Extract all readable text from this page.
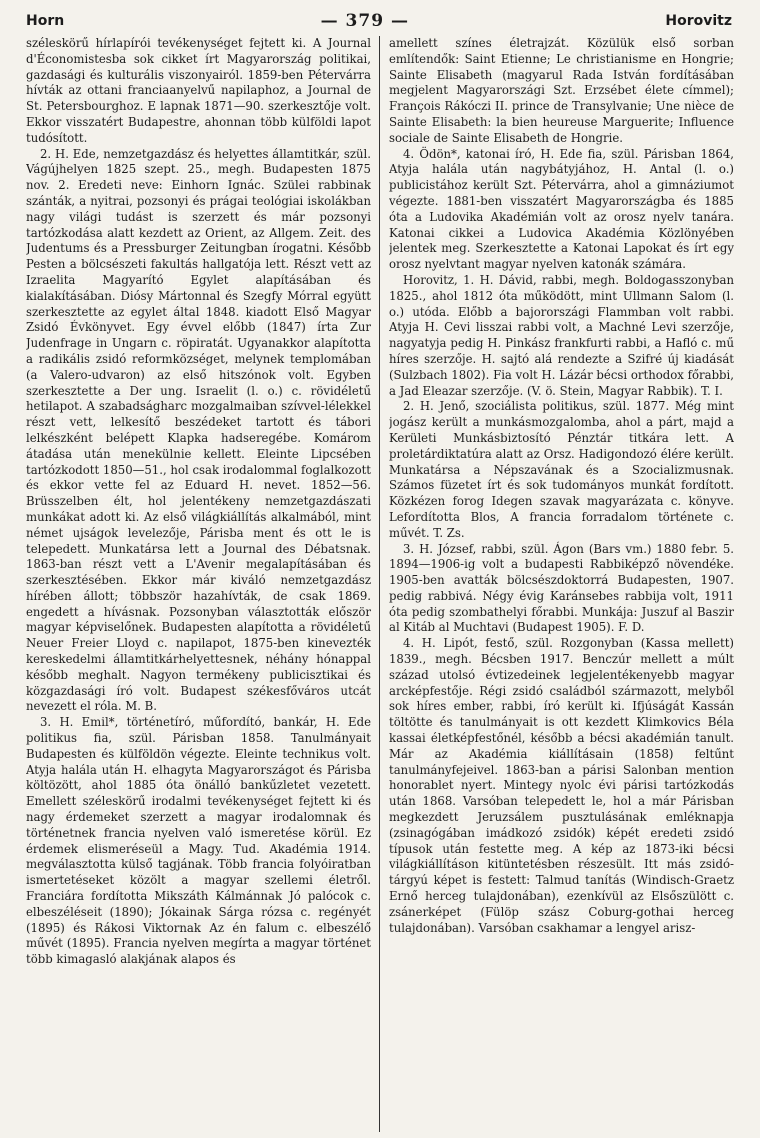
Horn	— 379 —	Horovitz

széleskörű hírlapírói tevékenységet fejtett ki. A Journal d'Économistesba sok cikket írt Magyarország politikai, gazdasági és kulturális viszonyairól. 1859-ben Pétervárra hívták az ottani franciaanyelvű napilaphoz, a Journal de St. Petersbourghoz. E lapnak 1871—90. szerkesztője volt. Ekkor visszatért Budapestre, ahonnan több külföldi lapot tudósított.

2. H. Ede, nemzetgazdász és helyettes államtitkár, szül. Vágújhelyen 1825 szept. 25., megh. Budapesten 1875 nov. 2. Eredeti neve: Einhorn Ignác. Szülei rabbinak szánták, a nyitrai, pozsonyi és prágai teológiai iskolákban nagy világi tudást is szerzett és már pozsonyi tartózkodása alatt kezdett az Orient, az Allgem. Zeit. des Judentums és a Pressburger Zeitungban írogatni. Később Pesten a bölcsészeti fakultás hallgatója lett. Részt vett az Izraelita Magyarító Egylet alapításában és kialakításában. Diósy Mártonnal és Szegfy Mórral együtt szerkesztette az egylet által 1848. kiadott Első Magyar Zsidó Évkönyvet. Egy évvel előbb (1847) írta Zur Judenfrage in Ungarn c. röpiratát. Ugyanakkor alapította a radikális zsidó reformközséget, melynek templomában (a Valero-udvaron) az első hitszónok volt. Egyben szerkesztette a Der ung. Israelit (l. o.) c. rövidéletű hetilapot. A szabadságharc mozgalmaiban szívvel-lélekkel részt vett, lelkesítő beszédeket tartott és tábori lelkészként belépett Klapka hadseregébe. Komárom átadása után menekülnie kellett. Eleinte Lipcsében tartózkodott 1850—51., hol csak irodalommal foglalkozott és ekkor vette fel az Eduard H. nevet. 1852—56. Brüsszelben élt, hol jelentékeny nemzetgazdászati munkákat adott ki. Az első világkiállítás alkalmából, mint német ujságok levelezője, Párisba ment és ott le is telepedett. Munkatársa lett a Journal des Débatsnak. 1863-ban részt vett a L'Avenir megalapításában és szerkesztésében. Ekkor már kiváló nemzetgazdász hírében állott; többször hazahívták, de csak 1869. engedett a hívásnak. Pozsonyban választották először magyar képviselőnek. Budapesten alapította a rövidéletű Neuer Freier Lloyd c. napilapot, 1875-ben kinevezték kereskedelmi államtitkárhelyettesnek, néhány hónappal később meghalt. Nagyon termékeny publicisztikai és közgazdasági író volt. Budapest székesfőváros utcát nevezett el róla. M. B.

3. H. Emil*, történetíró, műfordító, bankár, H. Ede politikus fia, szül. Párisban 1858. Tanulmányait Budapesten és külföldön végezte. Eleinte technikus volt. Atyja halála után H. elhagyta Magyarországot és Párisba költözött, ahol 1885 óta önálló bankűzletet vezetett. Emellett széleskörű irodalmi tevékenységet fejtett ki és nagy érdemeket szerzett a magyar irodalomnak és történetnek francia nyelven való ismeretése körül. Ez érdemek elismeréseül a Magy. Tud. Akadémia 1914. megválasztotta külső tagjának. Több francia folyóiratban ismertetéseket közölt a magyar szellemi életről. Franciára fordította Mikszáth Kálmánnak Jó palócok c. elbeszéléseit (1890); Jókainak Sárga rózsa c. regényét (1895) és Rákosi Viktornak Az én falum c. elbeszélő művét (1895). Francia nyelven megírta a magyar történet több kimagasló alakjának alapos és

amellett színes életrajzát. Közülük első sorban említendők: Saint Etienne; Le christianisme en Hongrie; Sainte Elisabeth (magyarul Rada István fordításában megjelent Magyarországi Szt. Erzsébet élete címmel); François Rákóczi II. prince de Transylvanie; Une nièce de Sainte Elisabeth: la bien heureuse Marguerite; Influence sociale de Sainte Elisabeth de Hongrie.

4. Ödön*, katonai író, H. Ede fia, szül. Párisban 1864, Atyja halála után nagybátyjához, H. Antal (l. o.) publicistához került Szt. Pétervárra, ahol a gimnáziumot végezte. 1881-ben visszatért Magyarországba és 1885 óta a Ludovika Akadémián volt az orosz nyelv tanára. Katonai cikkei a Ludovica Akadémia Közlönyében jelentek meg. Szerkesztette a Katonai Lapokat és írt egy orosz nyelvtant magyar nyelven katonák számára.

Horovitz, 1. H. Dávid, rabbi, megh. Boldogasszonyban 1825., ahol 1812 óta működött, mint Ullmann Salom (l. o.) utóda. Előbb a bajorországi Flammban volt rabbi. Atyja H. Cevi lisszai rabbi volt, a Machné Levi szerzője, nagyatyja pedig H. Pinkász frankfurti rabbi, a Hafló c. mű híres szerzője. H. sajtó alá rendezte a Szifré új kiadását (Sulzbach 1802). Fia volt H. Lázár bécsi orthodox főrabbi, a Jad Eleazar szerzője. (V. ö. Stein, Magyar Rabbik). T. I.

2. H. Jenő, szociálista politikus, szül. 1877. Még mint jogász került a munkásmozgalomba, ahol a párt, majd a Kerületi Munkásbiztosító Pénztár titkára lett. A proletárdiktatúra alatt az Orsz. Hadigondozó élére került. Munkatársa a Népszavának és a Szocializmusnak. Számos füzetet írt és sok tudományos munkát fordított. Közkézen forog Idegen szavak magyarázata c. könyve. Lefordította Blos, A francia forradalom története c. művét. T. Zs.

3. H. József, rabbi, szül. Ágon (Bars vm.) 1880 febr. 5. 1894—1906-ig volt a budapesti Rabbiképző növendéke. 1905-ben avatták bölcsészdoktorrá Budapesten, 1907. pedig rabbivá. Négy évig Karánsebes rabbija volt, 1911 óta pedig szombathelyi főrabbi. Munkája: Juszuf al Baszir al Kitáb al Muchtavi (Budapest 1905). F. D.

4. H. Lipót, festő, szül. Rozgonyban (Kassa mellett) 1839., megh. Bécsben 1917. Benczúr mellett a múlt század utolsó évtizedeinek legjelentékenyebb magyar arcképfestője. Régi zsidó családból származott, melyből sok híres ember, rabbi, író került ki. Ifjúságát Kassán töltötte és tanulmányait is ott kezdett Klimkovics Béla kassai életképfestőnél, később a bécsi akadémián tanult. Már az Akadémia kiállításain (1858) feltűnt tanulmányfejeivel. 1863-ban a párisi Salonban mention honorablet nyert. Mintegy nyolc évi párisi tartózkodás után 1868. Varsóban telepedett le, hol a már Párisban megkezdett Jeruzsálem pusztulásának emléknapja (zsinagógában imádkozó zsidók) képét eredeti zsidó típusok után festette meg. A kép az 1873-iki bécsi világkiállításon kitüntetésben részesült. Itt más zsidó-tárgyú képet is festett: Talmud tanítás (Windisch-Graetz Ernő herceg tulajdonában), ezenkívül az Elsőszülött c. zsánerképet (Fülöp szász Coburg-gothai herceg tulajdonában). Varsóban csakhamar a lengyel arisz-
